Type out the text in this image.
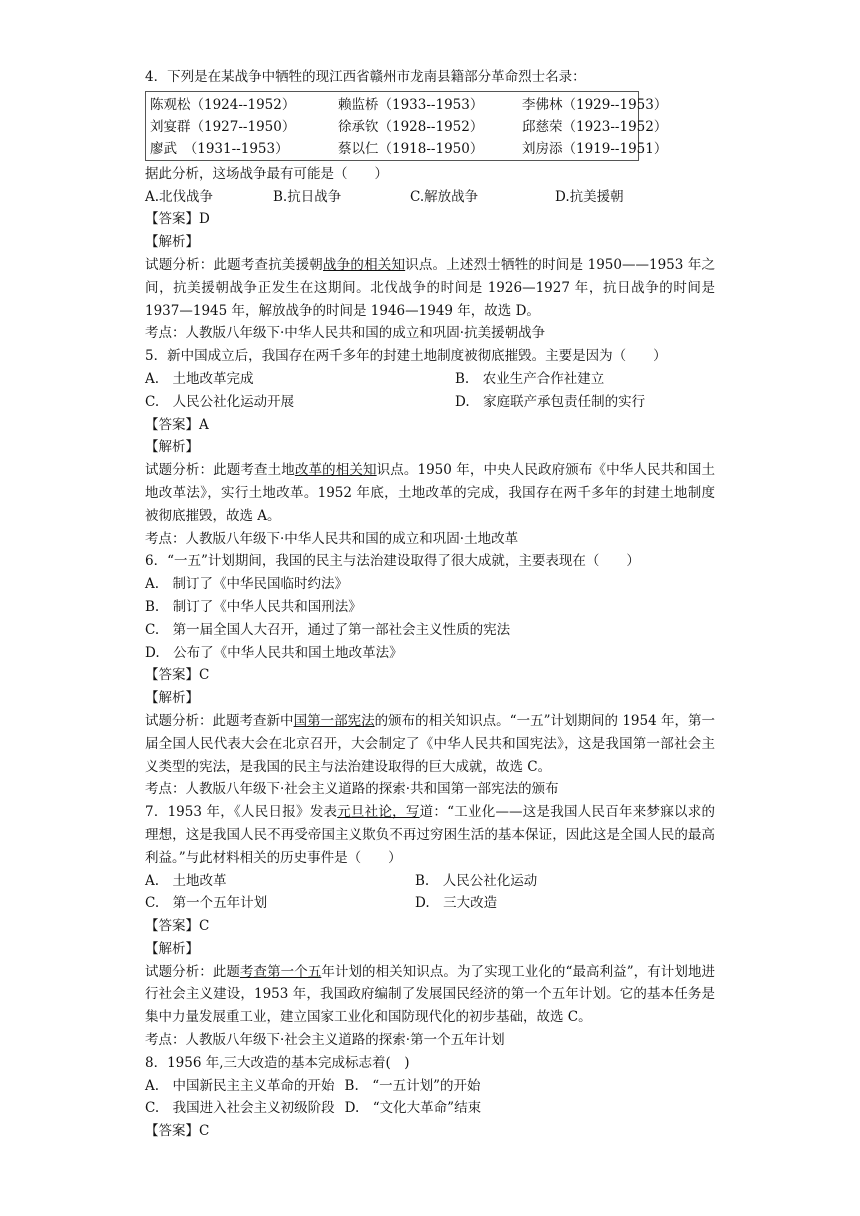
4．下列是在某战争中牺牲的现江西省赣州市龙南县籍部分革命烈士名录：
陈观松（1924--1952）	赖监桥（1933--1953）	李佛林（1929--1953）
刘宴群（1927--1950）	徐承钦（1928--1952）	邱慈荣（1923--1952）
廖武　（1931--1953）	蔡以仁（1918--1950）	刘房添（1919--1951）
据此分析，这场战争最有可能是（　　）
A.北伐战争	B.抗日战争	C.解放战争	D.抗美援朝
【答案】D
【解析】
试题分析：此题考查抗美援朝战争的相关知识点。上述烈士牺牲的时间是 1950——1953 年之间，抗美援朝战争正发生在这期间。北伐战争的时间是 1926—1927 年，抗日战争的时间是 1937—1945 年，解放战争的时间是 1946—1949 年，故选 D。
考点：人教版八年级下·中华人民共和国的成立和巩固·抗美援朝战争
5．新中国成立后，我国存在两千多年的封建土地制度被彻底摧毁。主要是因为（　　）
A.　土地改革完成	B.　农业生产合作社建立
C.　人民公社化运动开展	D.　家庭联产承包责任制的实行
【答案】A
【解析】
试题分析：此题考查土地改革的相关知识点。1950 年，中央人民政府颁布《中华人民共和国土地改革法》，实行土地改革。1952 年底，土地改革的完成，我国存在两千多年的封建土地制度被彻底摧毁，故选 A。
考点：人教版八年级下·中华人民共和国的成立和巩固·土地改革
6．“一五”计划期间，我国的民主与法治建设取得了很大成就，主要表现在（　　）
A.　制订了《中华民国临时约法》
B.　制订了《中华人民共和国刑法》
C.　第一届全国人大召开，通过了第一部社会主义性质的宪法
D.　公布了《中华人民共和国土地改革法》
【答案】C
【解析】
试题分析：此题考查新中国第一部宪法的颁布的相关知识点。“一五”计划期间的 1954 年，第一届全国人民代表大会在北京召开，大会制定了《中华人民共和国宪法》，这是我国第一部社会主义类型的宪法，是我国的民主与法治建设取得的巨大成就，故选 C。
考点：人教版八年级下·社会主义道路的探索·共和国第一部宪法的颁布
7．1953 年，《人民日报》发表元旦社论，写道：“工业化——这是我国人民百年来梦寐以求的理想，这是我国人民不再受帝国主义欺负不再过穷困生活的基本保证，因此这是全国人民的最高利益。”与此材料相关的历史事件是（　　）
A.　土地改革	B.　人民公社化运动
C.　第一个五年计划	D.　三大改造
【答案】C
【解析】
试题分析：此题考查第一个五年计划的相关知识点。为了实现工业化的“最高利益”，有计划地进行社会主义建设，1953 年，我国政府编制了发展国民经济的第一个五年计划。它的基本任务是集中力量发展重工业，建立国家工业化和国防现代化的初步基础，故选 C。
考点：人教版八年级下·社会主义道路的探索·第一个五年计划
8．1956 年,三大改造的基本完成标志着(　)
A.　中国新民主主义革命的开始 B.　“一五计划”的开始
C.　我国进入社会主义初级阶段 D.　“文化大革命”结束
【答案】C
